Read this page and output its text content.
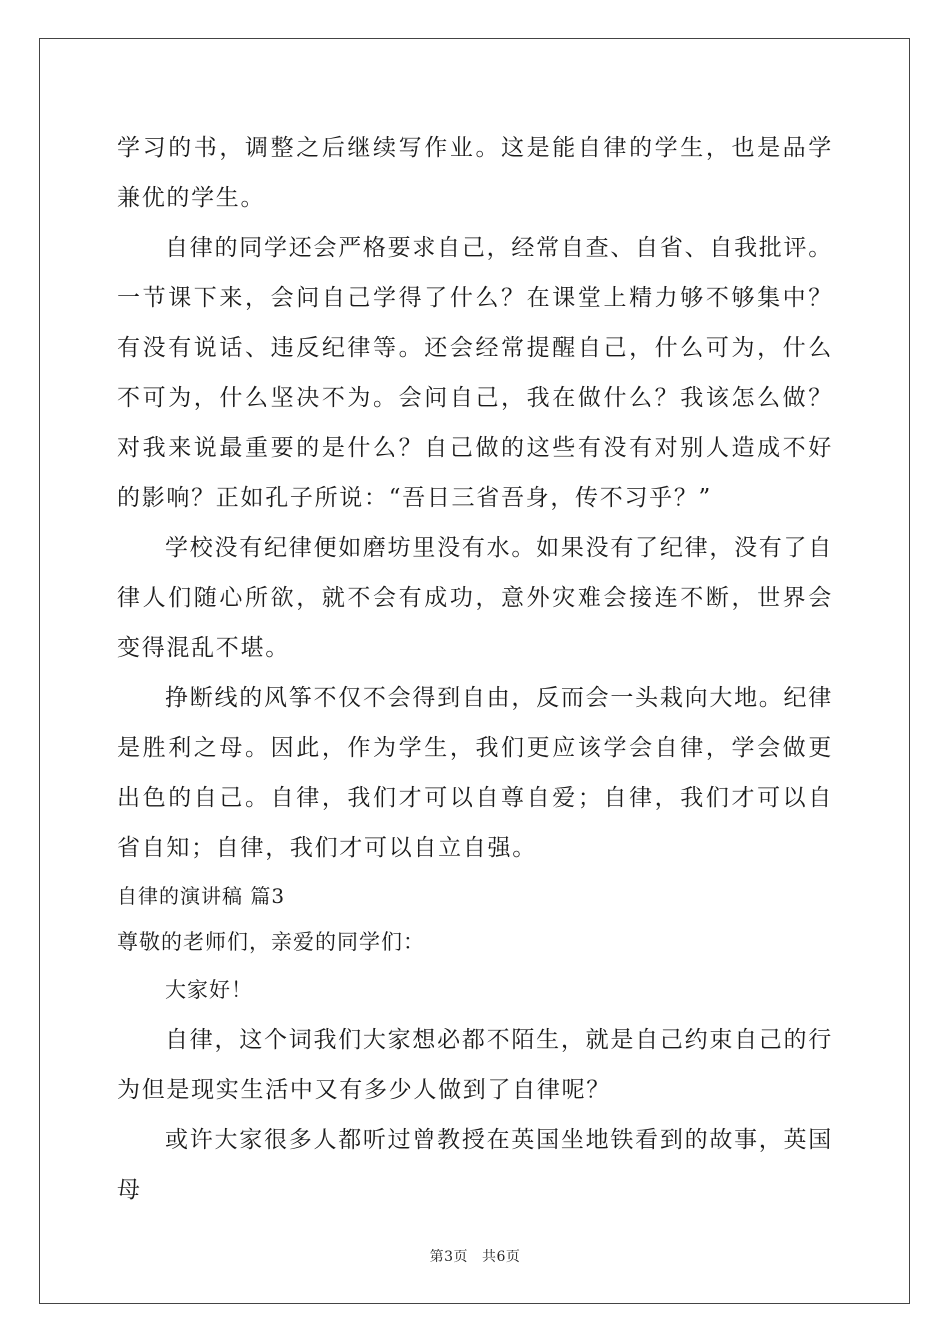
学习的书，调整之后继续写作业。这是能自律的学生，也是品学兼优的学生。

自律的同学还会严格要求自己，经常自查、自省、自我批评。一节课下来，会问自己学得了什么？在课堂上精力够不够集中？有没有说话、违反纪律等。还会经常提醒自己，什么可为，什么不可为，什么坚决不为。会问自己，我在做什么？我该怎么做？对我来说最重要的是什么？自己做的这些有没有对别人造成不好的影响？正如孔子所说：“吾日三省吾身，传不习乎？”

学校没有纪律便如磨坊里没有水。如果没有了纪律，没有了自律人们随心所欲，就不会有成功，意外灾难会接连不断，世界会变得混乱不堪。

挣断线的风筝不仅不会得到自由，反而会一头栽向大地。纪律是胜利之母。因此，作为学生，我们更应该学会自律，学会做更出色的自己。自律，我们才可以自尊自爱；自律，我们才可以自省自知；自律，我们才可以自立自强。

自律的演讲稿 篇3

尊敬的老师们，亲爱的同学们：

大家好！

自律，这个词我们大家想必都不陌生，就是自己约束自己的行为但是现实生活中又有多少人做到了自律呢？

或许大家很多人都听过曾教授在英国坐地铁看到的故事，英国母

第3页 共6页
